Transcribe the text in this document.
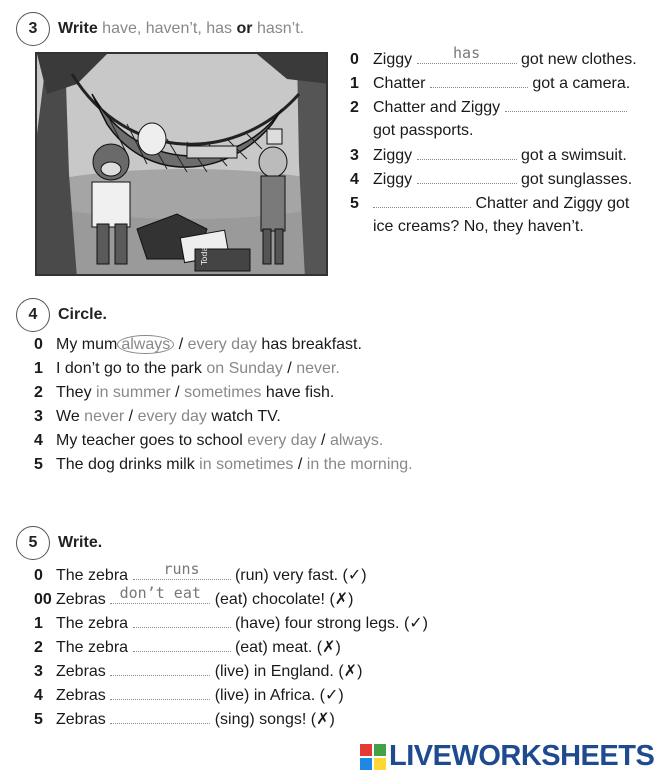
3	Write have, haven’t, has or hasn’t.
Today
0 Ziggy	has	got new clothes.
1 Chatter	got a camera.
2 Chatter and Ziggy
got passports.
3 Ziggy	got a swimsuit.
4 Ziggy	got sunglasses.
5	Chatter and Ziggy got
ice creams? No, they haven’t.
4	Circle.
0 My mum always / every day has breakfast.
1 I don’t go to the park on Sunday / never.
2 They in summer / sometimes have fish.
3 We never / every day watch TV.
4 My teacher goes to school every day / always.
5 The dog drinks milk in sometimes / in the morning.
5	Write.
0 The zebra	runs	(run) very fast. (✓)
00 Zebras don’t eat (eat) chocolate! (✗)
1 The zebra	(have) four strong legs. (✓)
2 The zebra	(eat) meat. (✗)
3 Zebras	(live) in England. (✗)
4 Zebras	(live) in Africa. (✓)
5 Zebras	(sing) songs! (✗)
LIVEWORKSHEETS
